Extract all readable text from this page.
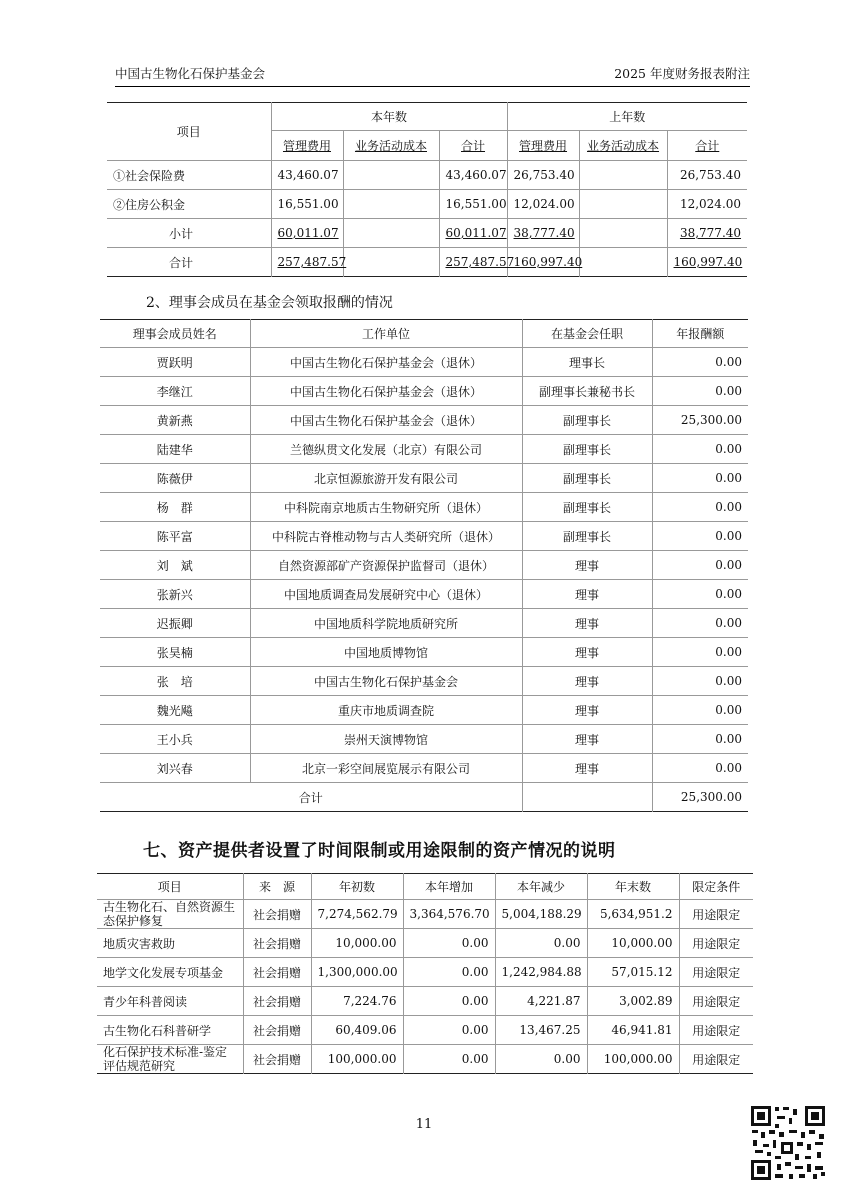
中国古生物化石保护基金会	2025 年度财务报表附注
项目	本年数			上年数		
	管理费用	业务活动成本	合计	管理费用	业务活动成本	合计
①社会保险费	43,460.07		43,460.07	26,753.40		26,753.40
②住房公积金	16,551.00		16,551.00	12,024.00		12,024.00
小计	60,011.07		60,011.07	38,777.40		38,777.40
合计	257,487.57		257,487.57	160,997.40		160,997.40
2、理事会成员在基金会领取报酬的情况
理事会成员姓名	工作单位	在基金会任职	年报酬额
贾跃明	中国古生物化石保护基金会（退休）	理事长	0.00
李继江	中国古生物化石保护基金会（退休）	副理事长兼秘书长	0.00
黄新燕	中国古生物化石保护基金会（退休）	副理事长	25,300.00
陆建华	兰德纵贯文化发展（北京）有限公司	副理事长	0.00
陈薇伊	北京恒源旅游开发有限公司	副理事长	0.00
杨　群	中科院南京地质古生物研究所（退休）	副理事长	0.00
陈平富	中科院古脊椎动物与古人类研究所（退休）	副理事长	0.00
刘　斌	自然资源部矿产资源保护监督司（退休）	理事	0.00
张新兴	中国地质调查局发展研究中心（退休）	理事	0.00
迟振卿	中国地质科学院地质研究所	理事	0.00
张昊楠	中国地质博物馆	理事	0.00
张　培	中国古生物化石保护基金会	理事	0.00
魏光飚	重庆市地质调查院	理事	0.00
王小兵	崇州天演博物馆	理事	0.00
刘兴春	北京一彩空间展览展示有限公司	理事	0.00
合计			25,300.00
七、资产提供者设置了时间限制或用途限制的资产情况的说明
项目	来　源	年初数	本年增加	本年减少	年末数	限定条件
古生物化石、自然资源生态保护修复	社会捐赠	7,274,562.79	3,364,576.70	5,004,188.29	5,634,951.2	用途限定
地质灾害救助	社会捐赠	10,000.00	0.00	0.00	10,000.00	用途限定
地学文化发展专项基金	社会捐赠	1,300,000.00	0.00	1,242,984.88	57,015.12	用途限定
青少年科普阅读	社会捐赠	7,224.76	0.00	4,221.87	3,002.89	用途限定
古生物化石科普研学	社会捐赠	60,409.06	0.00	13,467.25	46,941.81	用途限定
化石保护技术标准-鉴定评估规范研究	社会捐赠	100,000.00	0.00	0.00	100,000.00	用途限定
11
